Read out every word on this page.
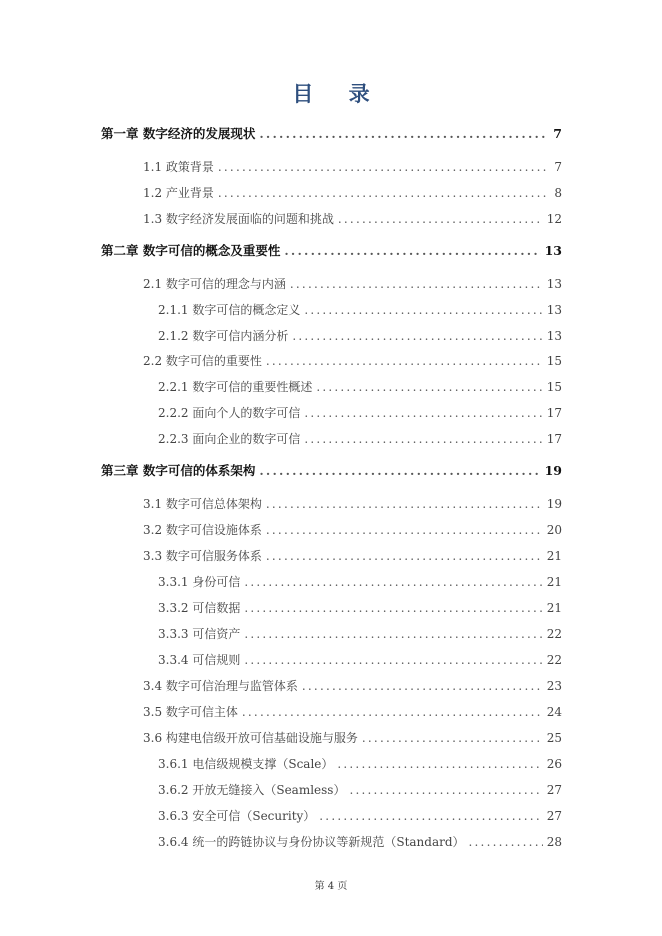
目 录
第一章 数字经济的发展现状 .....	7
1.1 政策背景 .....	7
1.2 产业背景 .....	8
1.3 数字经济发展面临的问题和挑战 .....	12
第二章 数字可信的概念及重要性 .....	13
2.1 数字可信的理念与内涵 .....	13
2.1.1 数字可信的概念定义 .....	13
2.1.2 数字可信内涵分析 .....	13
2.2 数字可信的重要性 .....	15
2.2.1 数字可信的重要性概述 .....	15
2.2.2 面向个人的数字可信 .....	17
2.2.3 面向企业的数字可信 .....	17
第三章 数字可信的体系架构 .....	19
3.1 数字可信总体架构 .....	19
3.2 数字可信设施体系 .....	20
3.3 数字可信服务体系 .....	21
3.3.1 身份可信 .....	21
3.3.2 可信数据 .....	21
3.3.3 可信资产 .....	22
3.3.4 可信规则 .....	22
3.4 数字可信治理与监管体系 .....	23
3.5 数字可信主体 .....	24
3.6 构建电信级开放可信基础设施与服务 .....	25
3.6.1 电信级规模支撑（Scale） .....	26
3.6.2 开放无缝接入（Seamless） .....	27
3.6.3 安全可信（Security） .....	27
3.6.4 统一的跨链协议与身份协议等新规范（Standard） .....	28
第 4 页
